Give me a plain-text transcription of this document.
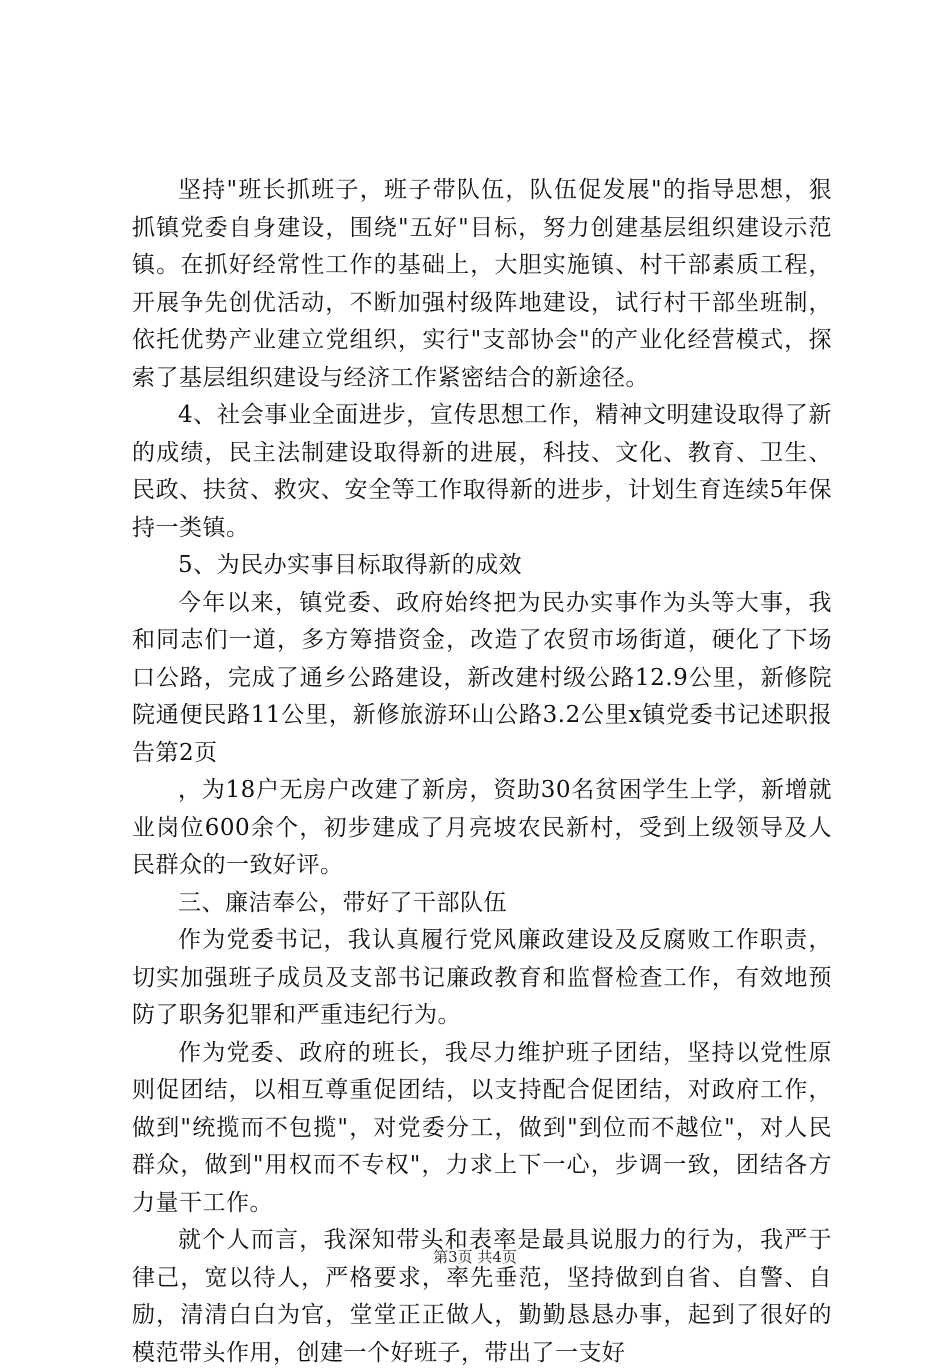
坚持"班长抓班子，班子带队伍，队伍促发展"的指导思想，狠抓镇党委自身建设，围绕"五好"目标，努力创建基层组织建设示范镇。在抓好经常性工作的基础上，大胆实施镇、村干部素质工程，开展争先创优活动，不断加强村级阵地建设，试行村干部坐班制，依托优势产业建立党组织，实行"支部协会"的产业化经营模式，探索了基层组织建设与经济工作紧密结合的新途径。

4、社会事业全面进步，宣传思想工作，精神文明建设取得了新的成绩，民主法制建设取得新的进展，科技、文化、教育、卫生、民政、扶贫、救灾、安全等工作取得新的进步，计划生育连续5年保持一类镇。

5、为民办实事目标取得新的成效

今年以来，镇党委、政府始终把为民办实事作为头等大事，我和同志们一道，多方筹措资金，改造了农贸市场街道，硬化了下场口公路，完成了通乡公路建设，新改建村级公路12.9公里，新修院院通便民路11公里，新修旅游环山公路3.2公里x镇党委书记述职报告第2页

，为18户无房户改建了新房，资助30名贫困学生上学，新增就业岗位600余个，初步建成了月亮坡农民新村，受到上级领导及人民群众的一致好评。

三、廉洁奉公，带好了干部队伍

作为党委书记，我认真履行党风廉政建设及反腐败工作职责，切实加强班子成员及支部书记廉政教育和监督检查工作，有效地预防了职务犯罪和严重违纪行为。

作为党委、政府的班长，我尽力维护班子团结，坚持以党性原则促团结，以相互尊重促团结，以支持配合促团结，对政府工作，做到"统揽而不包揽"，对党委分工，做到"到位而不越位"，对人民群众，做到"用权而不专权"，力求上下一心，步调一致，团结各方力量干工作。

就个人而言，我深知带头和表率是最具说服力的行为，我严于律己，宽以待人，严格要求，率先垂范，坚持做到自省、自警、自励，清清白白为官，堂堂正正做人，勤勤恳恳办事，起到了很好的模范带头作用，创建一个好班子，带出了一支好

第3页 共4页
